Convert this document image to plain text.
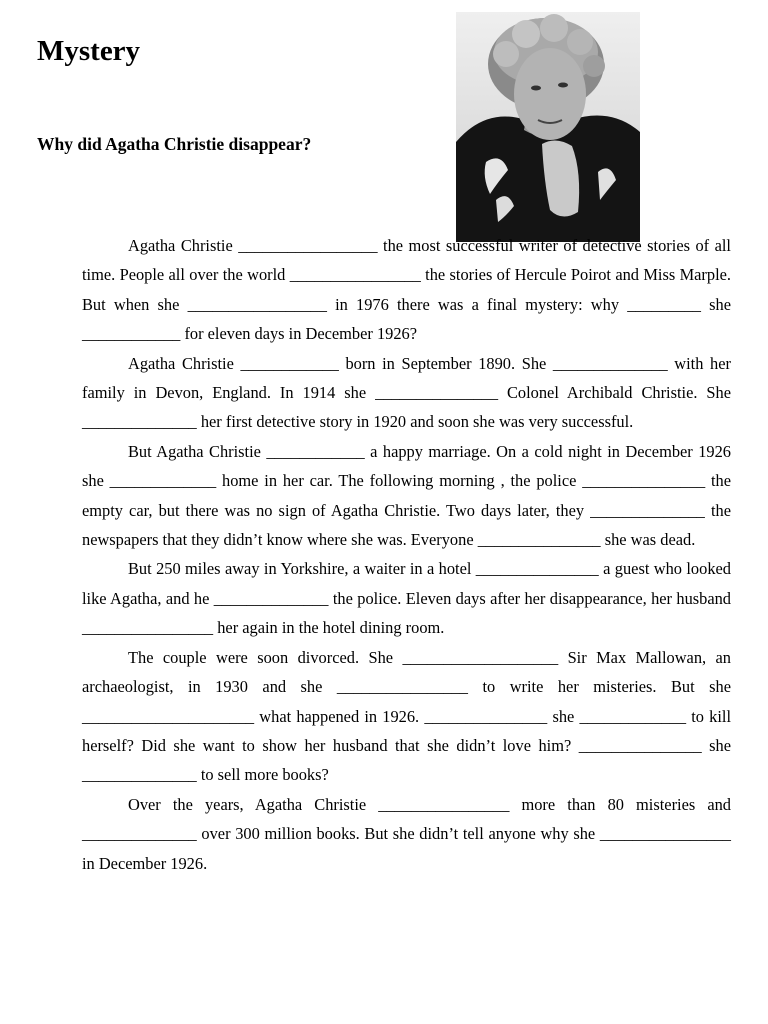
Mystery
Why did Agatha Christie disappear?

Agatha Christie _________________ the most successful writer of detective stories of all time. People all over the world ________________ the stories of Hercule Poirot and Miss Marple. But when she _________________ in 1976 there was a final mystery: why _________ she ____________ for eleven days in December 1926?

Agatha Christie ____________ born in September 1890. She ______________ with her family in Devon, England. In 1914 she _______________ Colonel Archibald Christie. She ______________ her first detective story in 1920 and soon she was very successful.

But Agatha Christie ____________ a happy marriage. On a cold night in December 1926 she _____________ home in her car. The following morning , the police _______________ the empty car, but there was no sign of Agatha Christie. Two days later, they ______________ the newspapers that they didn’t know where she was. Everyone _______________ she was dead.

But 250 miles away in Yorkshire, a waiter in a hotel _______________ a guest who looked like Agatha, and he ______________ the police. Eleven days after her disappearance, her husband ________________ her again in the hotel dining room.

The couple were soon divorced. She ___________________ Sir Max Mallowan, an archaeologist, in 1930 and she ________________ to write her misteries. But she _____________________ what happened in 1926. _______________ she _____________ to kill herself? Did she want to show her husband that she didn’t love him? _______________ she ______________ to sell more books?

Over the years, Agatha Christie ________________ more than 80 misteries and ______________ over 300 million books. But she didn’t tell anyone why she ________________ in December 1926.
